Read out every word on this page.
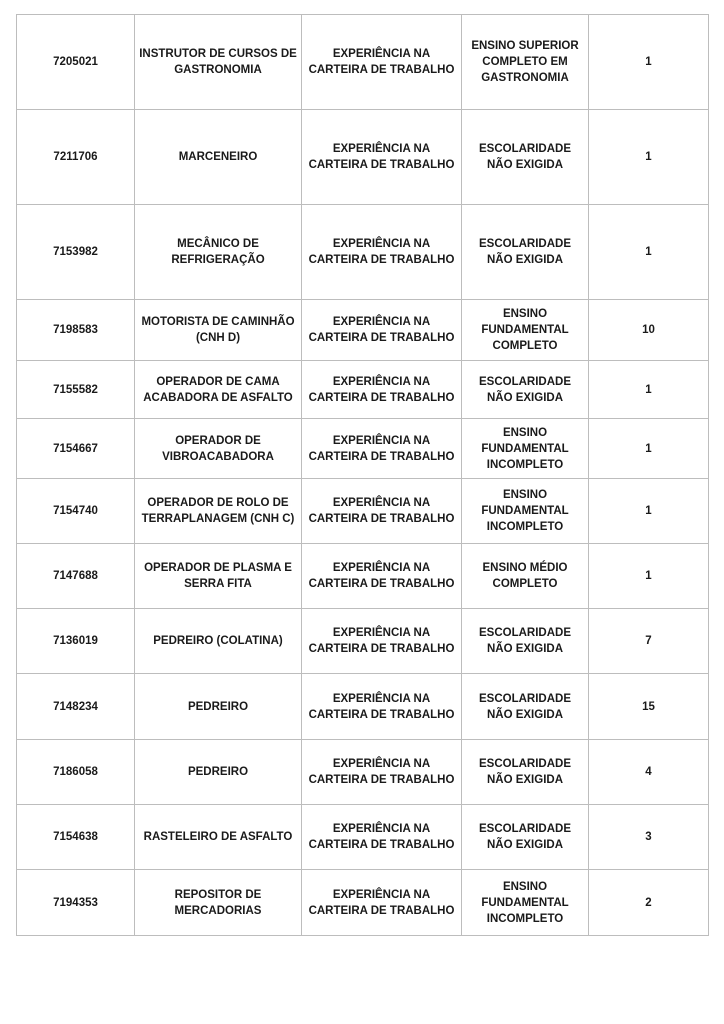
7205021	INSTRUTOR DE CURSOS DE GASTRONOMIA	EXPERIÊNCIA NA CARTEIRA DE TRABALHO	ENSINO SUPERIOR COMPLETO EM GASTRONOMIA	1
7211706	MARCENEIRO	EXPERIÊNCIA NA CARTEIRA DE TRABALHO	ESCOLARIDADE NÃO EXIGIDA	1
7153982	MECÂNICO DE REFRIGERAÇÃO	EXPERIÊNCIA NA CARTEIRA DE TRABALHO	ESCOLARIDADE NÃO EXIGIDA	1
7198583	MOTORISTA DE CAMINHÃO (CNH D)	EXPERIÊNCIA NA CARTEIRA DE TRABALHO	ENSINO FUNDAMENTAL COMPLETO	10
7155582	OPERADOR DE CAMA ACABADORA DE ASFALTO	EXPERIÊNCIA NA CARTEIRA DE TRABALHO	ESCOLARIDADE NÃO EXIGIDA	1
7154667	OPERADOR DE VIBROACABADORA	EXPERIÊNCIA NA CARTEIRA DE TRABALHO	ENSINO FUNDAMENTAL INCOMPLETO	1
7154740	OPERADOR DE ROLO DE TERRAPLANAGEM (CNH C)	EXPERIÊNCIA NA CARTEIRA DE TRABALHO	ENSINO FUNDAMENTAL INCOMPLETO	1
7147688	OPERADOR DE PLASMA E SERRA FITA	EXPERIÊNCIA NA CARTEIRA DE TRABALHO	ENSINO MÉDIO COMPLETO	1
7136019	PEDREIRO (COLATINA)	EXPERIÊNCIA NA CARTEIRA DE TRABALHO	ESCOLARIDADE NÃO EXIGIDA	7
7148234	PEDREIRO	EXPERIÊNCIA NA CARTEIRA DE TRABALHO	ESCOLARIDADE NÃO EXIGIDA	15
7186058	PEDREIRO	EXPERIÊNCIA NA CARTEIRA DE TRABALHO	ESCOLARIDADE NÃO EXIGIDA	4
7154638	RASTELEIRO DE ASFALTO	EXPERIÊNCIA NA CARTEIRA DE TRABALHO	ESCOLARIDADE NÃO EXIGIDA	3
7194353	REPOSITOR DE MERCADORIAS	EXPERIÊNCIA NA CARTEIRA DE TRABALHO	ENSINO FUNDAMENTAL INCOMPLETO	2
